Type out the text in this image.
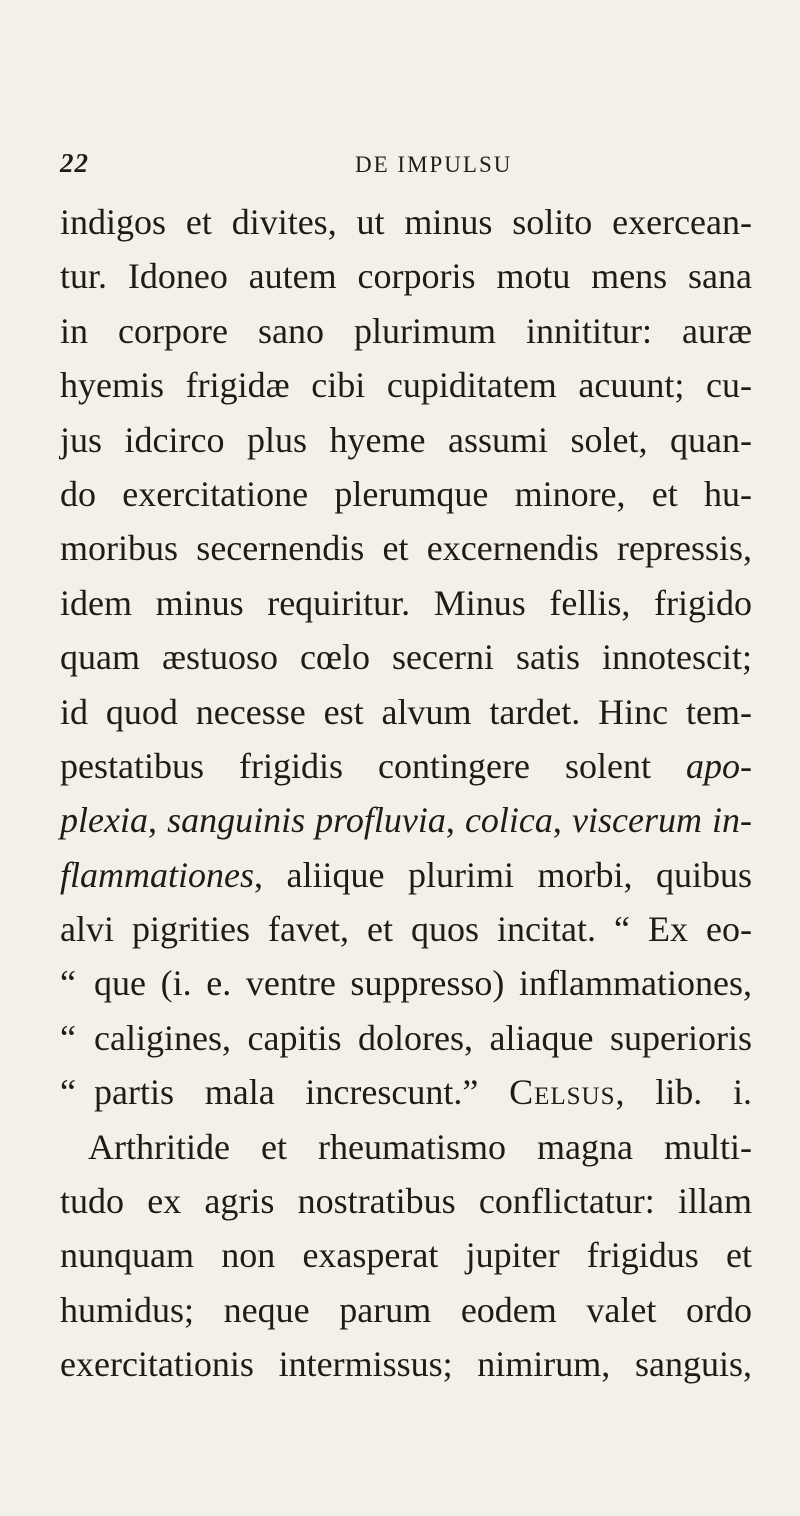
22	DE IMPULSU
indigos et divites, ut minus solito exercean-
tur. Idoneo autem corporis motu mens sana
in corpore sano plurimum innititur: auræ
hyemis frigidæ cibi cupiditatem acuunt; cu-
jus idcirco plus hyeme assumi solet, quan-
do exercitatione plerumque minore, et hu-
moribus secernendis et excernendis repressis,
idem minus requiritur. Minus fellis, frigido
quam æstuoso cœlo secerni satis innotescit;
id quod necesse est alvum tardet. Hinc tem-
pestatibus frigidis contingere solent apo-
plexia, sanguinis profluvia, colica, viscerum in-
flammationes, aliique plurimi morbi, quibus
alvi pigrities favet, et quos incitat. “ Ex eo-
“ que (i. e. ventre suppresso) inflammationes,
“ caligines, capitis dolores, aliaque superioris
“ partis mala increscunt.” Celsus, lib. i.
Arthritide et rheumatismo magna multi-
tudo ex agris nostratibus conflictatur: illam
nunquam non exasperat jupiter frigidus et
humidus; neque parum eodem valet ordo
exercitationis intermissus; nimirum, sanguis,
